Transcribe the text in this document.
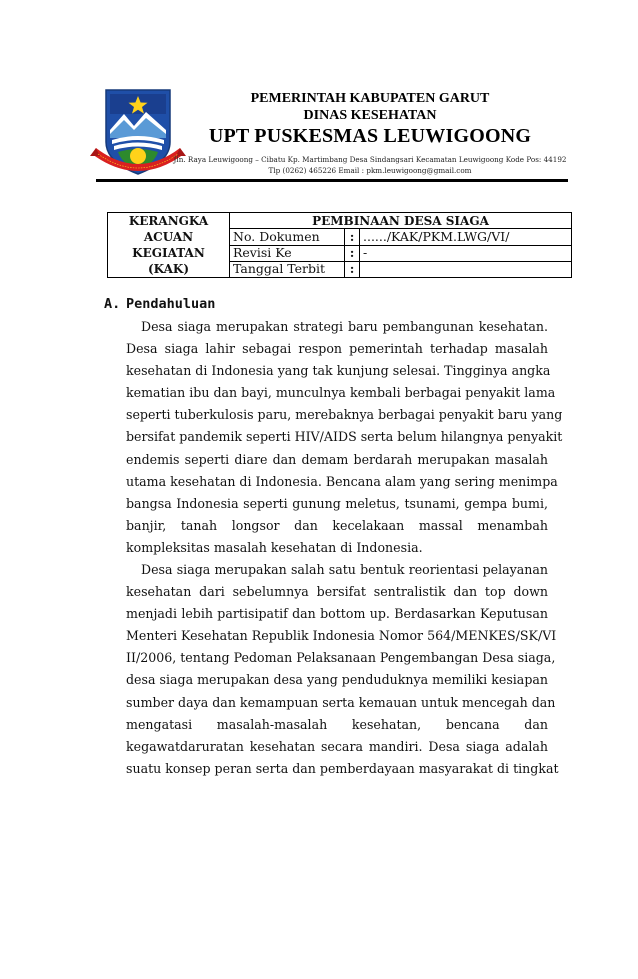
PEMERINTAH KABUPATEN GARUT
DINAS KESEHATAN
UPT PUSKESMAS LEUWIGOONG
Jln. Raya Leuwigoong – Cibatu Kp. Martimbang Desa Sindangsari Kecamatan Leuwigoong Kode Pos: 44192
Tlp (0262) 465226 Email : pkm.leuwigoong@gmail.com
KERANGKA
ACUAN
KEGIATAN (KAK)	PEMBINAAN DESA SIAGA		
	No. Dokumen	:	....../KAK/PKM.LWG/VI/
	Revisi Ke	:	-
	Tanggal Terbit	:	
A. Pendahuluan
Desa siaga merupakan strategi baru pembangunan kesehatan.
Desa siaga lahir sebagai respon pemerintah terhadap masalah
kesehatan di Indonesia yang tak kunjung selesai. Tingginya angka
kematian ibu dan bayi, munculnya kembali berbagai penyakit lama
seperti tuberkulosis paru, merebaknya berbagai penyakit baru yang
bersifat pandemik seperti HIV/AIDS serta belum hilangnya penyakit
endemis seperti diare dan demam berdarah merupakan masalah
utama kesehatan di Indonesia. Bencana alam yang sering menimpa
bangsa Indonesia seperti gunung meletus, tsunami, gempa bumi,
banjir, tanah longsor dan kecelakaan massal menambah
kompleksitas masalah kesehatan di Indonesia.
Desa siaga merupakan salah satu bentuk reorientasi pelayanan
kesehatan dari sebelumnya bersifat sentralistik dan top down
menjadi lebih partisipatif dan bottom up. Berdasarkan Keputusan
Menteri Kesehatan Republik Indonesia Nomor 564/MENKES/SK/VI
II/2006, tentang Pedoman Pelaksanaan Pengembangan Desa siaga,
desa siaga merupakan desa yang penduduknya memiliki kesiapan
sumber daya dan kemampuan serta kemauan untuk mencegah dan
mengatasi masalah-masalah kesehatan, bencana dan
kegawatdaruratan kesehatan secara mandiri. Desa siaga adalah
suatu konsep peran serta dan pemberdayaan masyarakat di tingkat
